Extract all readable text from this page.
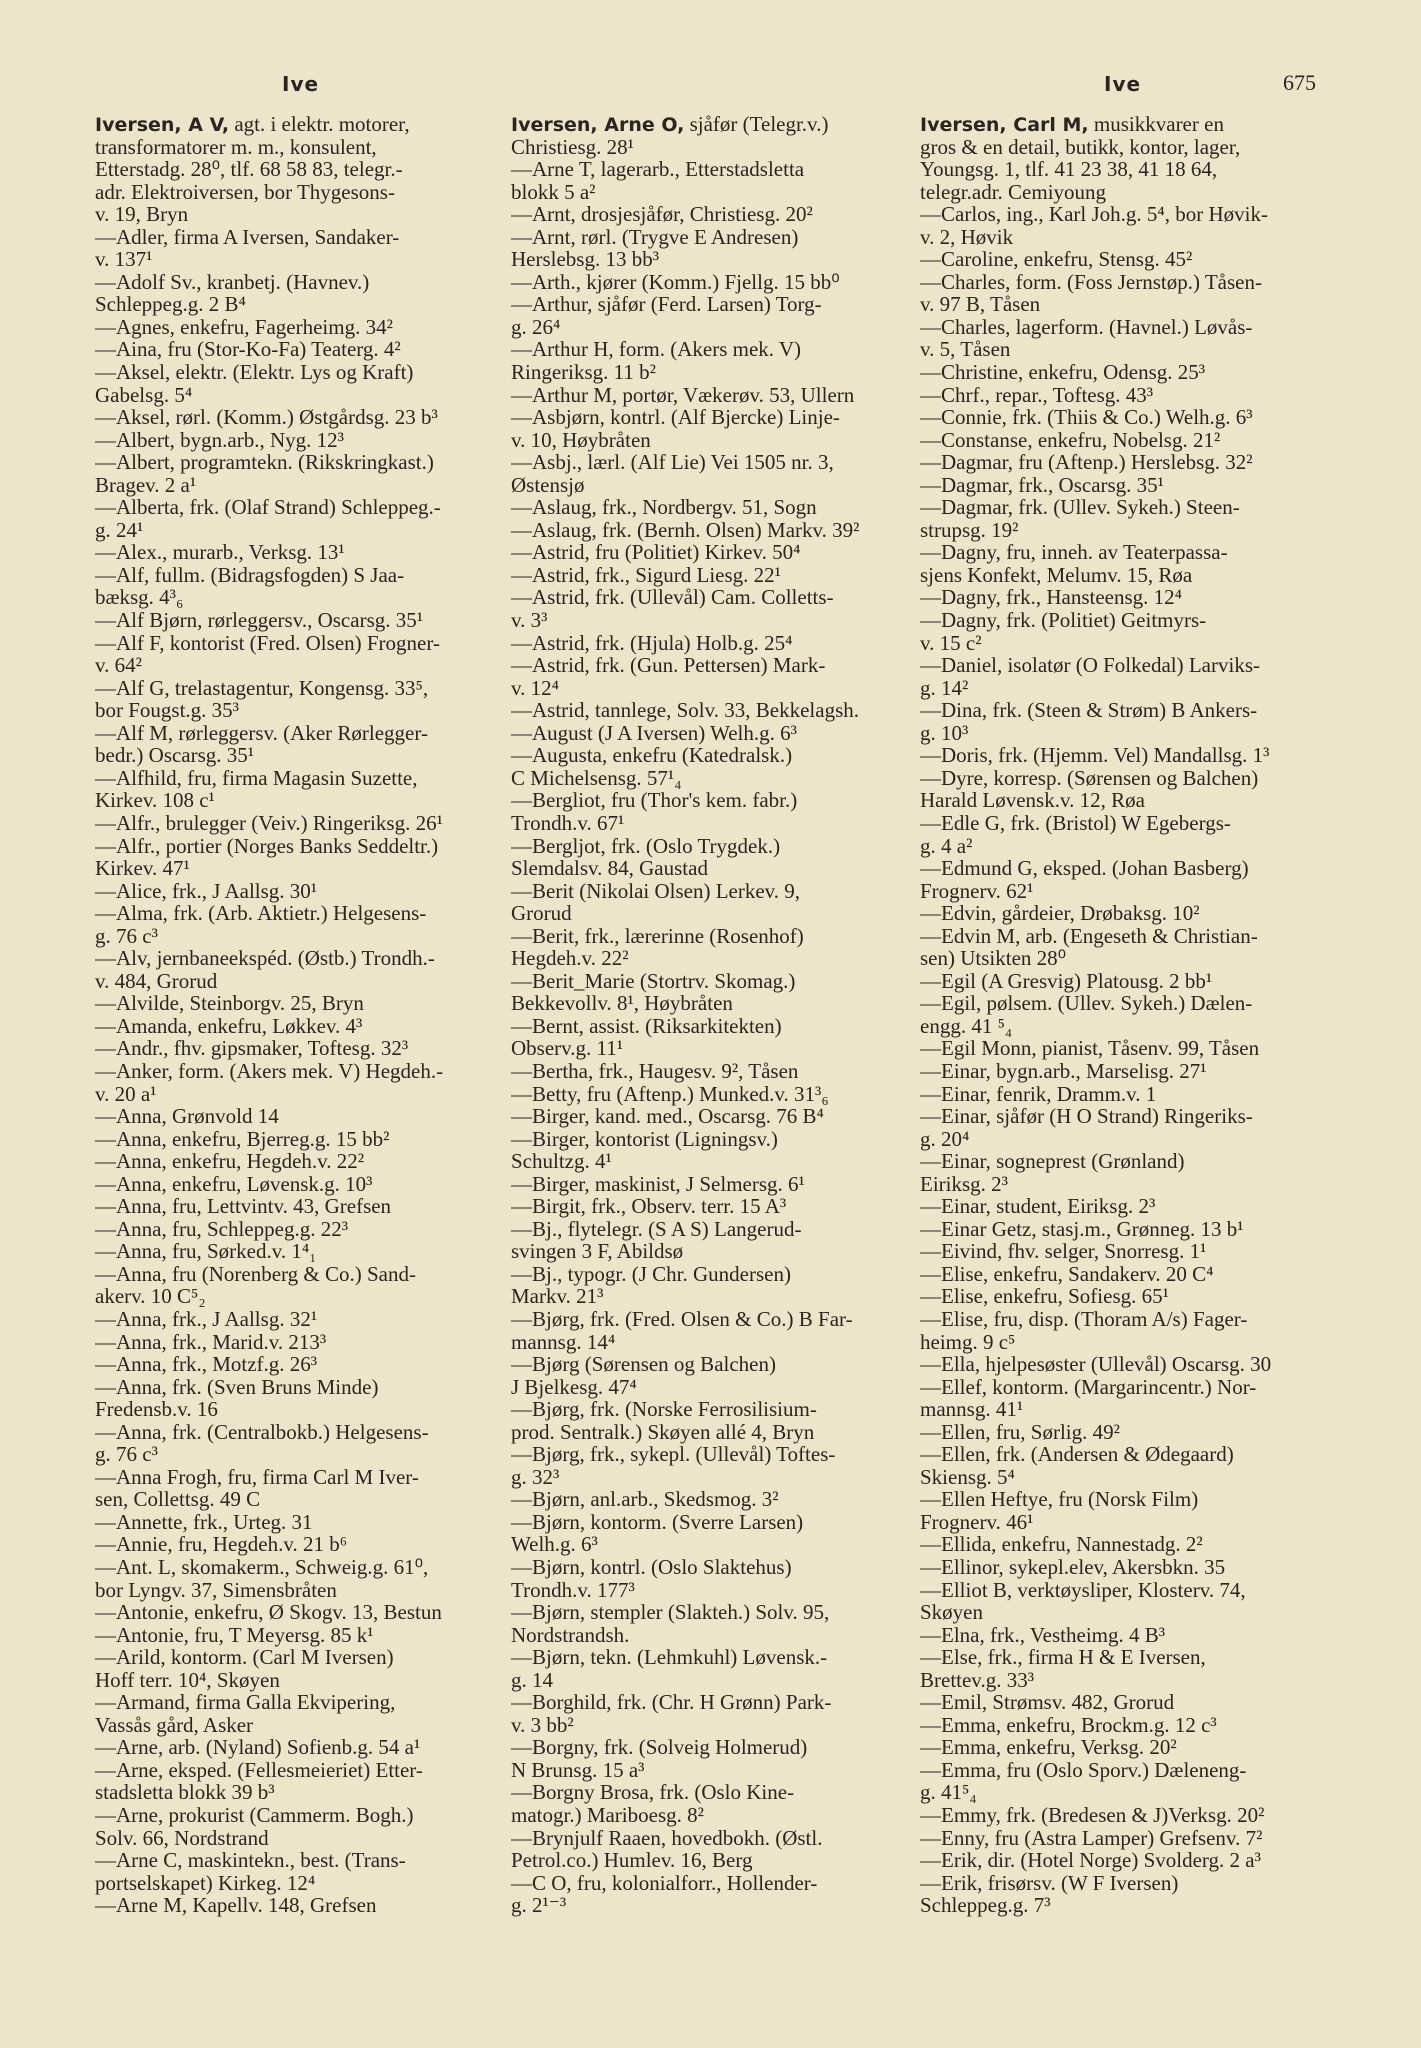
Ive	Ive	675
Iversen, A V, agt. i elektr. motorer,
transformatorer m. m., konsulent,
Etterstadg. 28⁰, tlf. 68 58 83, telegr.-
adr. Elektroiversen, bor Thygesons-
v. 19, Bryn
—Adler, firma A Iversen, Sandaker-
v. 137¹
—Adolf Sv., kranbetj. (Havnev.)
Schleppeg.g. 2 B⁴
—Agnes, enkefru, Fagerheimg. 34²
—Aina, fru (Stor-Ko-Fa) Teaterg. 4²
—Aksel, elektr. (Elektr. Lys og Kraft)
Gabelsg. 5⁴
—Aksel, rørl. (Komm.) Østgårdsg. 23 b³
—Albert, bygn.arb., Nyg. 12³
—Albert, programtekn. (Rikskringkast.)
Bragev. 2 a¹
—Alberta, frk. (Olaf Strand) Schleppeg.-
g. 24¹
—Alex., murarb., Verksg. 13¹
—Alf, fullm. (Bidragsfogden) S Jaa-
bæksg. 4³₆
—Alf Bjørn, rørleggersv., Oscarsg. 35¹
—Alf F, kontorist (Fred. Olsen) Frogner-
v. 64²
—Alf G, trelastagentur, Kongensg. 33⁵,
bor Fougst.g. 35³
—Alf M, rørleggersv. (Aker Rørlegger-
bedr.) Oscarsg. 35¹
—Alfhild, fru, firma Magasin Suzette,
Kirkev. 108 c¹
—Alfr., brulegger (Veiv.) Ringeriksg. 26¹
—Alfr., portier (Norges Banks Seddeltr.)
Kirkev. 47¹
—Alice, frk., J Aallsg. 30¹
—Alma, frk. (Arb. Aktietr.) Helgesens-
g. 76 c³
—Alv, jernbaneekspéd. (Østb.) Trondh.-
v. 484, Grorud
—Alvilde, Steinborgv. 25, Bryn
—Amanda, enkefru, Løkkev. 4³
—Andr., fhv. gipsmaker, Toftesg. 32³
—Anker, form. (Akers mek. V) Hegdeh.-
v. 20 a¹
—Anna, Grønvold 14
—Anna, enkefru, Bjerreg.g. 15 bb²
—Anna, enkefru, Hegdeh.v. 22²
—Anna, enkefru, Løvensk.g. 10³
—Anna, fru, Lettvintv. 43, Grefsen
—Anna, fru, Schleppeg.g. 22³
—Anna, fru, Sørked.v. 1⁴₁
—Anna, fru (Norenberg & Co.) Sand-
akerv. 10 C⁵₂
—Anna, frk., J Aallsg. 32¹
—Anna, frk., Marid.v. 213³
—Anna, frk., Motzf.g. 26³
—Anna, frk. (Sven Bruns Minde)
Fredensb.v. 16
—Anna, frk. (Centralbokb.) Helgesens-
g. 76 c³
—Anna Frogh, fru, firma Carl M Iver-
sen, Collettsg. 49 C
—Annette, frk., Urteg. 31
—Annie, fru, Hegdeh.v. 21 b⁶
—Ant. L, skomakerm., Schweig.g. 61⁰,
bor Lyngv. 37, Simensbråten
—Antonie, enkefru, Ø Skogv. 13, Bestun
—Antonie, fru, T Meyersg. 85 k¹
—Arild, kontorm. (Carl M Iversen)
Hoff terr. 10⁴, Skøyen
—Armand, firma Galla Ekvipering,
Vassås gård, Asker
—Arne, arb. (Nyland) Sofienb.g. 54 a¹
—Arne, eksped. (Fellesmeieriet) Etter-
stadsletta blokk 39 b³
—Arne, prokurist (Cammerm. Bogh.)
Solv. 66, Nordstrand
—Arne C, maskintekn., best. (Trans-
portselskapet) Kirkeg. 12⁴
—Arne M, Kapellv. 148, Grefsen
Iversen, Arne O, sjåfør (Telegr.v.)
Christiesg. 28¹
—Arne T, lagerarb., Etterstadsletta
blokk 5 a²
—Arnt, drosjesjåfør, Christiesg. 20²
—Arnt, rørl. (Trygve E Andresen)
Herslebsg. 13 bb³
—Arth., kjører (Komm.) Fjellg. 15 bb⁰
—Arthur, sjåfør (Ferd. Larsen) Torg-
g. 26⁴
—Arthur H, form. (Akers mek. V)
Ringeriksg. 11 b²
—Arthur M, portør, Vækerøv. 53, Ullern
—Asbjørn, kontrl. (Alf Bjercke) Linje-
v. 10, Høybråten
—Asbj., lærl. (Alf Lie) Vei 1505 nr. 3,
Østensjø
—Aslaug, frk., Nordbergv. 51, Sogn
—Aslaug, frk. (Bernh. Olsen) Markv. 39²
—Astrid, fru (Politiet) Kirkev. 50⁴
—Astrid, frk., Sigurd Liesg. 22¹
—Astrid, frk. (Ullevål) Cam. Colletts-
v. 3³
—Astrid, frk. (Hjula) Holb.g. 25⁴
—Astrid, frk. (Gun. Pettersen) Mark-
v. 12⁴
—Astrid, tannlege, Solv. 33, Bekkelagsh.
—August (J A Iversen) Welh.g. 6³
—Augusta, enkefru (Katedralsk.)
C Michelsensg. 57¹₄
—Bergliot, fru (Thor's kem. fabr.)
Trondh.v. 67¹
—Bergljot, frk. (Oslo Trygdek.)
Slemdalsv. 84, Gaustad
—Berit (Nikolai Olsen) Lerkev. 9,
Grorud
—Berit, frk., lærerinne (Rosenhof)
Hegdeh.v. 22²
—Berit_Marie (Stortrv. Skomag.)
Bekkevollv. 8¹, Høybråten
—Bernt, assist. (Riksarkitekten)
Observ.g. 11¹
—Bertha, frk., Haugesv. 9², Tåsen
—Betty, fru (Aftenp.) Munked.v. 31³₆
—Birger, kand. med., Oscarsg. 76 B⁴
—Birger, kontorist (Ligningsv.)
Schultzg. 4¹
—Birger, maskinist, J Selmersg. 6¹
—Birgit, frk., Observ. terr. 15 A³
—Bj., flytelegr. (S A S) Langerud-
svingen 3 F, Abildsø
—Bj., typogr. (J Chr. Gundersen)
Markv. 21³
—Bjørg, frk. (Fred. Olsen & Co.) B Far-
mannsg. 14⁴
—Bjørg (Sørensen og Balchen)
J Bjelkesg. 47⁴
—Bjørg, frk. (Norske Ferrosilisium-
prod. Sentralk.) Skøyen allé 4, Bryn
—Bjørg, frk., sykepl. (Ullevål) Toftes-
g. 32³
—Bjørn, anl.arb., Skedsmog. 3²
—Bjørn, kontorm. (Sverre Larsen)
Welh.g. 6³
—Bjørn, kontrl. (Oslo Slaktehus)
Trondh.v. 177³
—Bjørn, stempler (Slakteh.) Solv. 95,
Nordstrandsh.
—Bjørn, tekn. (Lehmkuhl) Løvensk.-
g. 14
—Borghild, frk. (Chr. H Grønn) Park-
v. 3 bb²
—Borgny, frk. (Solveig Holmerud)
N Brunsg. 15 a³
—Borgny Brosa, frk. (Oslo Kine-
matogr.) Mariboesg. 8²
—Brynjulf Raaen, hovedbokh. (Østl.
Petrol.co.) Humlev. 16, Berg
—C O, fru, kolonialforr., Hollender-
g. 2¹⁻³
Iversen, Carl M, musikkvarer en
gros & en detail, butikk, kontor, lager,
Youngsg. 1, tlf. 41 23 38, 41 18 64,
telegr.adr. Cemiyoung
—Carlos, ing., Karl Joh.g. 5⁴, bor Høvik-
v. 2, Høvik
—Caroline, enkefru, Stensg. 45²
—Charles, form. (Foss Jernstøp.) Tåsen-
v. 97 B, Tåsen
—Charles, lagerform. (Havnel.) Løvås-
v. 5, Tåsen
—Christine, enkefru, Odensg. 25³
—Chrf., repar., Toftesg. 43³
—Connie, frk. (Thiis & Co.) Welh.g. 6³
—Constanse, enkefru, Nobelsg. 21²
—Dagmar, fru (Aftenp.) Herslebsg. 32²
—Dagmar, frk., Oscarsg. 35¹
—Dagmar, frk. (Ullev. Sykeh.) Steen-
strupsg. 19²
—Dagny, fru, inneh. av Teaterpassa-
sjens Konfekt, Melumv. 15, Røa
—Dagny, frk., Hansteensg. 12⁴
—Dagny, frk. (Politiet) Geitmyrs-
v. 15 c²
—Daniel, isolatør (O Folkedal) Larviks-
g. 14²
—Dina, frk. (Steen & Strøm) B Ankers-
g. 10³
—Doris, frk. (Hjemm. Vel) Mandallsg. 1³
—Dyre, korresp. (Sørensen og Balchen)
Harald Løvensk.v. 12, Røa
—Edle G, frk. (Bristol) W Egebergs-
g. 4 a²
—Edmund G, eksped. (Johan Basberg)
Frognerv. 62¹
—Edvin, gårdeier, Drøbaksg. 10²
—Edvin M, arb. (Engeseth & Christian-
sen) Utsikten 28⁰
—Egil (A Gresvig) Platousg. 2 bb¹
—Egil, pølsem. (Ullev. Sykeh.) Dælen-
engg. 41 ⁵₄
—Egil Monn, pianist, Tåsenv. 99, Tåsen
—Einar, bygn.arb., Marselisg. 27¹
—Einar, fenrik, Dramm.v. 1
—Einar, sjåfør (H O Strand) Ringeriks-
g. 20⁴
—Einar, sogneprest (Grønland)
Eiriksg. 2³
—Einar, student, Eiriksg. 2³
—Einar Getz, stasj.m., Grønneg. 13 b¹
—Eivind, fhv. selger, Snorresg. 1¹
—Elise, enkefru, Sandakerv. 20 C⁴
—Elise, enkefru, Sofiesg. 65¹
—Elise, fru, disp. (Thoram A/s) Fager-
heimg. 9 c⁵
—Ella, hjelpesøster (Ullevål) Oscarsg. 30
—Ellef, kontorm. (Margarincentr.) Nor-
mannsg. 41¹
—Ellen, fru, Sørlig. 49²
—Ellen, frk. (Andersen & Ødegaard)
Skiensg. 5⁴
—Ellen Heftye, fru (Norsk Film)
Frognerv. 46¹
—Ellida, enkefru, Nannestadg. 2²
—Ellinor, sykepl.elev, Akersbkn. 35
—Elliot B, verktøysliper, Klosterv. 74,
Skøyen
—Elna, frk., Vestheimg. 4 B³
—Else, frk., firma H & E Iversen,
Brettev.g. 33³
—Emil, Strømsv. 482, Grorud
—Emma, enkefru, Brockm.g. 12 c³
—Emma, enkefru, Verksg. 20²
—Emma, fru (Oslo Sporv.) Dæleneng-
g. 41⁵₄
—Emmy, frk. (Bredesen & J)Verksg. 20²
—Enny, fru (Astra Lamper) Grefsenv. 7²
—Erik, dir. (Hotel Norge) Svolderg. 2 a³
—Erik, frisørsv. (W F Iversen)
Schleppeg.g. 7³
